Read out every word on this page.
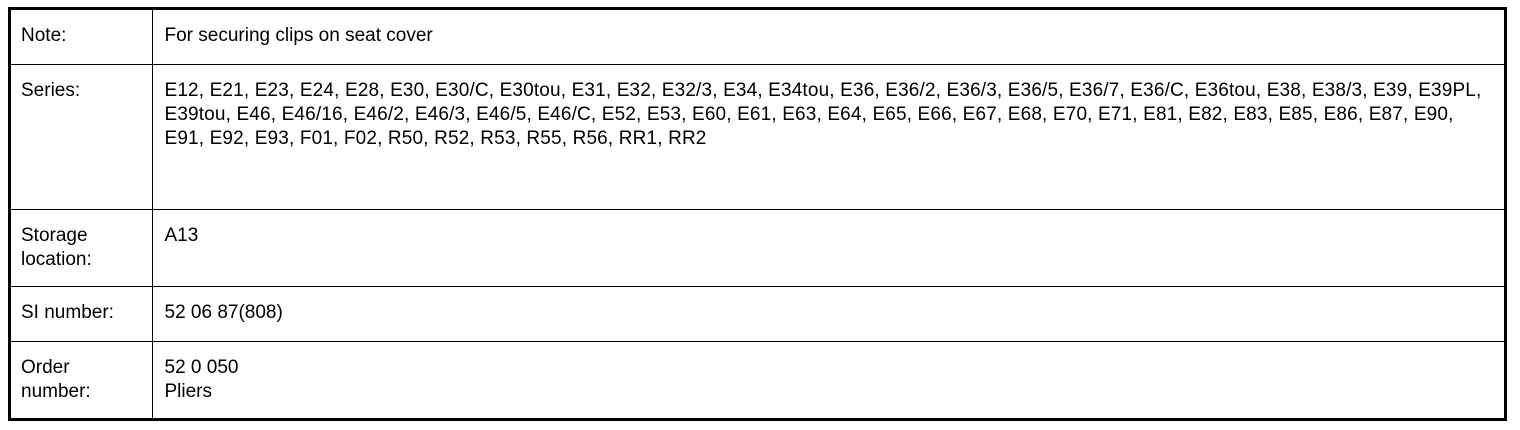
Note:	For securing clips on seat cover

Series:	E12, E21, E23, E24, E28, E30, E30/C, E30tou, E31, E32, E32/3, E34, E34tou, E36, E36/2, E36/3, E36/5, E36/7, E36/C, E36tou, E38, E38/3, E39, E39PL, E39tou, E46, E46/16, E46/2, E46/3, E46/5, E46/C, E52, E53, E60, E61, E63, E64, E65, E66, E67, E68, E70, E71, E81, E82, E83, E85, E86, E87, E90, E91, E92, E93, F01, F02, R50, R52, R53, R55, R56, RR1, RR2

Storage location:	A13
SI number:	52 06 87(808)

Order number:	52 0 050
Pliers
